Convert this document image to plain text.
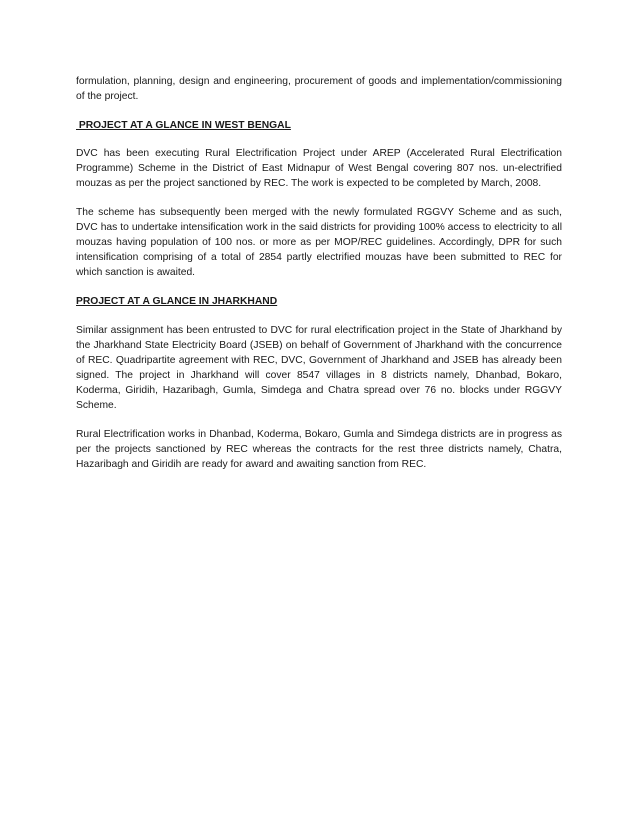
formulation, planning, design and engineering, procurement of goods and implementation/commissioning of the project.

PROJECT AT A GLANCE IN WEST BENGAL

DVC has been executing Rural Electrification Project under AREP (Accelerated Rural Electrification Programme) Scheme in the District of East Midnapur of West Bengal covering 807 nos. un-electrified mouzas as per the project sanctioned by REC. The work is expected to be completed by March, 2008.

The scheme has subsequently been merged with the newly formulated RGGVY Scheme and as such, DVC has to undertake intensification work in the said districts for providing 100% access to electricity to all mouzas having population of 100 nos. or more as per MOP/REC guidelines. Accordingly, DPR for such intensification comprising of a total of 2854 partly electrified mouzas have been submitted to REC for which sanction is awaited.

PROJECT AT A GLANCE IN JHARKHAND

Similar assignment has been entrusted to DVC for rural electrification project in the State of Jharkhand by the Jharkhand State Electricity Board (JSEB) on behalf of Government of Jharkhand with the concurrence of REC. Quadripartite agreement with REC, DVC, Government of Jharkhand and JSEB has already been signed. The project in Jharkhand will cover 8547 villages in 8 districts namely, Dhanbad, Bokaro, Koderma, Giridih, Hazaribagh, Gumla, Simdega and Chatra spread over 76 no. blocks under RGGVY Scheme.

Rural Electrification works in Dhanbad, Koderma, Bokaro, Gumla and Simdega districts are in progress as per the projects sanctioned by REC whereas the contracts for the rest three districts namely, Chatra, Hazaribagh and Giridih are ready for award and awaiting sanction from REC.
